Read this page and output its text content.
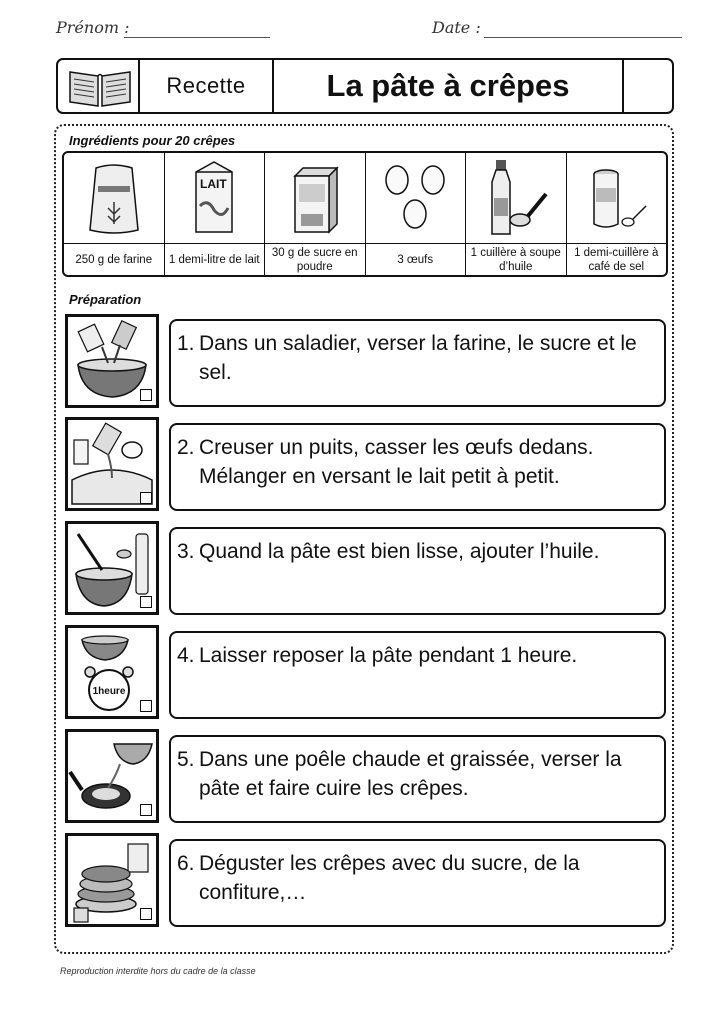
Prénom :	Date :
Recette	La pâte à crêpes
Ingrédients pour 20 crêpes
250 g de farine
LAIT
1 demi-litre de lait
30 g de sucre en poudre
3 œufs
1 cuillère à soupe d’huile
1 demi-cuillère à café de sel
Préparation
1. Dans un saladier, verser la farine, le sucre et le sel.
2. Creuser un puits, casser les œufs dedans. Mélanger en versant le lait petit à petit.
3. Quand la pâte est bien lisse, ajouter l’huile.
1heure
4. Laisser reposer la pâte pendant 1 heure.
5. Dans une poêle chaude et graissée, verser la pâte et faire cuire les crêpes.
6. Déguster les crêpes avec du sucre, de la confiture,…
Reproduction interdite hors du cadre de la classe
